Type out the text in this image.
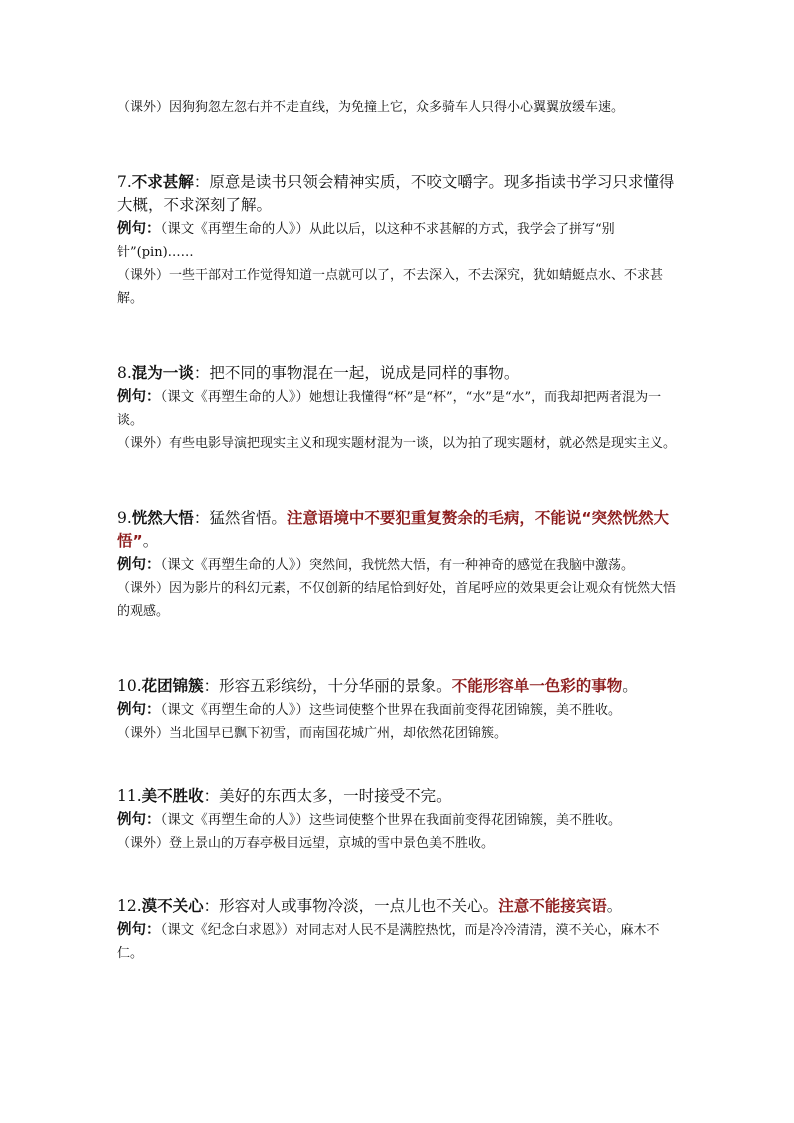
（课外）因狗狗忽左忽右并不走直线，为免撞上它，众多骑车人只得小心翼翼放缓车速。

7.不求甚解：原意是读书只领会精神实质，不咬文嚼字。现多指读书学习只求懂得大概，不求深刻了解。

例句：（课文《再塑生命的人》）从此以后，以这种不求甚解的方式，我学会了拼写“别针”(pin)……

（课外）一些干部对工作觉得知道一点就可以了，不去深入，不去深究，犹如蜻蜓点水、不求甚解。

8.混为一谈：把不同的事物混在一起，说成是同样的事物。

例句：（课文《再塑生命的人》）她想让我懂得“杯”是“杯”，“水”是“水”，而我却把两者混为一谈。

（课外）有些电影导演把现实主义和现实题材混为一谈，以为拍了现实题材，就必然是现实主义。

9.恍然大悟：猛然省悟。注意语境中不要犯重复赘余的毛病，不能说“突然恍然大悟”。

例句：（课文《再塑生命的人》）突然间，我恍然大悟，有一种神奇的感觉在我脑中激荡。

（课外）因为影片的科幻元素，不仅创新的结尾恰到好处，首尾呼应的效果更会让观众有恍然大悟的观感。

10.花团锦簇：形容五彩缤纷，十分华丽的景象。不能形容单一色彩的事物。

例句：（课文《再塑生命的人》）这些词使整个世界在我面前变得花团锦簇，美不胜收。

（课外）当北国早已飘下初雪，而南国花城广州，却依然花团锦簇。

11.美不胜收：美好的东西太多，一时接受不完。

例句：（课文《再塑生命的人》）这些词使整个世界在我面前变得花团锦簇，美不胜收。

（课外）登上景山的万春亭极目远望，京城的雪中景色美不胜收。

12.漠不关心：形容对人或事物冷淡，一点儿也不关心。注意不能接宾语。

例句：（课文《纪念白求恩》）对同志对人民不是满腔热忱，而是冷冷清清，漠不关心，麻木不仁。
